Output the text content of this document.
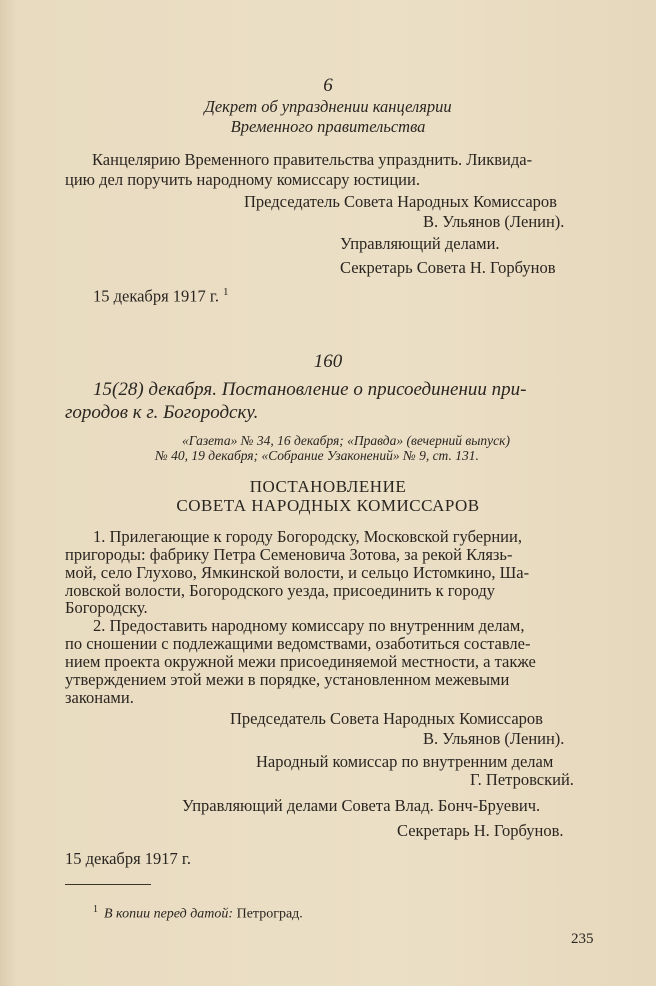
6
Декрет об упразднении канцелярии
Временного правительства
Канцелярию Временного правительства упразднить. Ликвида-
цию дел поручить народному комиссару юстиции.
Председатель Совета Народных Комиссаров
В. Ульянов (Ленин).
Управляющий делами.
Секретарь Совета Н. Горбунов
15 декабря 1917 г. $^1$
160
15(28) декабря. Постановление о присоединении при-
городов к г. Богородску.
«Газета» № 34, 16 декабря; «Правда» (вечерний выпуск)
№ 40, 19 декабря; «Собрание Узаконений» № 9, ст. 131.
ПОСТАНОВЛЕНИЕ
СОВЕТА НАРОДНЫХ КОМИССАРОВ
1. Прилегающие к городу Богородску, Московской губернии,
пригороды: фабрику Петра Семеновича Зотова, за рекой Клязь-
мой, село Глухово, Ямкинской волости, и сельцо Истомкино, Ша-
ловской волости, Богородского уезда, присоединить к городу
Богородску.
2. Предоставить народному комиссару по внутренним делам,
по сношении с подлежащими ведомствами, озаботиться составле-
нием проекта окружной межи присоединяемой местности, а также
утверждением этой межи в порядке, установленном межевыми
законами.
Председатель Совета Народных Комиссаров
В. Ульянов (Ленин).
Народный комиссар по внутренним делам
Г. Петровский.
Управляющий делами Совета Влад. Бонч-Бруевич.
Секретарь Н. Горбунов.
15 декабря 1917 г.
$^1$ В копии перед датой: Петроград.
235
